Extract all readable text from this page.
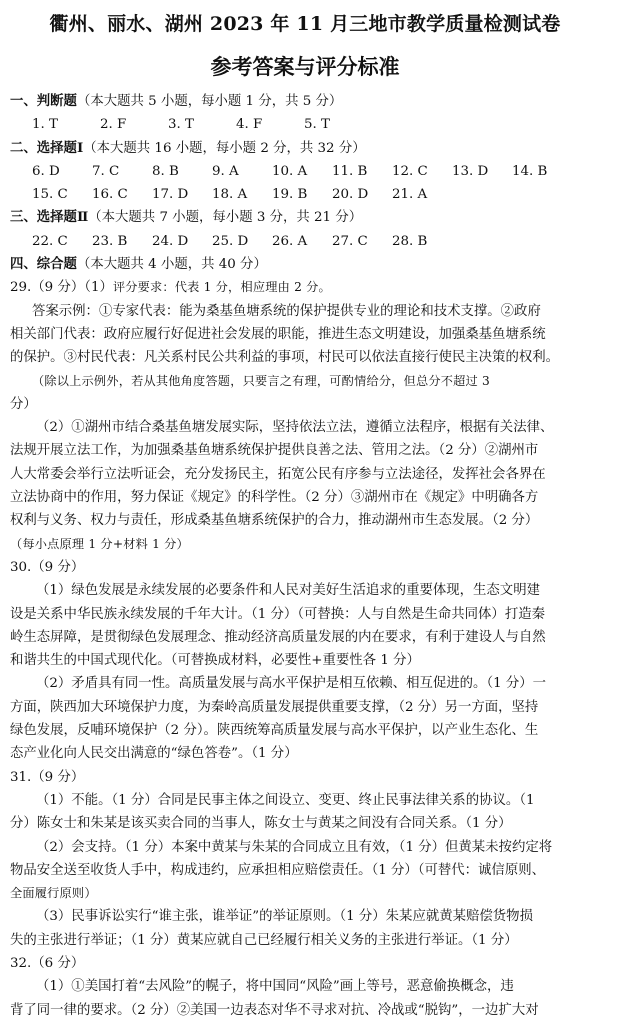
衢州、丽水、湖州 2023 年 11 月三地市教学质量检测试卷
参考答案与评分标准
一、判断题（本大题共 5 小题，每小题 1 分，共 5 分）
1. T	2. F	3. T	4. F	5. T
二、选择题Ⅰ（本大题共 16 小题，每小题 2 分，共 32 分）
6. D 7. C 8. B 9. A 10. A 11. B 12. C 13. D 14. B
15. C 16. C 17. D 18. A 19. B 20. D 21. A
三、选择题Ⅱ（本大题共 7 小题，每小题 3 分，共 21 分）
22. C 23. B 24. D 25. D 26. A 27. C 28. B
四、综合题（本大题共 4 小题，共 40 分）
29.（9 分）（1）评分要求：代表 1 分，相应理由 2 分。
答案示例：①专家代表：能为桑基鱼塘系统的保护提供专业的理论和技术支撑。②政府
相关部门代表：政府应履行好促进社会发展的职能，推进生态文明建设，加强桑基鱼塘系统
的保护。③村民代表：凡关系村民公共利益的事项，村民可以依法直接行使民主决策的权利。
（除以上示例外，若从其他角度答题，只要言之有理，可酌情给分，但总分不超过 3
分）
（2）①湖州市结合桑基鱼塘发展实际，坚持依法立法，遵循立法程序，根据有关法律、
法规开展立法工作，为加强桑基鱼塘系统保护提供良善之法、管用之法。（2 分）②湖州市
人大常委会举行立法听证会，充分发扬民主，拓宽公民有序参与立法途径，发挥社会各界在
立法协商中的作用，努力保证《规定》的科学性。（2 分）③湖州市在《规定》中明确各方
权利与义务、权力与责任，形成桑基鱼塘系统保护的合力，推动湖州市生态发展。（2 分）
（每小点原理 1 分+材料 1 分）
30.（9 分）
（1）绿色发展是永续发展的必要条件和人民对美好生活追求的重要体现，生态文明建
设是关系中华民族永续发展的千年大计。（1 分）（可替换：人与自然是生命共同体）打造秦
岭生态屏障，是贯彻绿色发展理念、推动经济高质量发展的内在要求，有利于建设人与自然
和谐共生的中国式现代化。（可替换成材料，必要性+重要性各 1 分）
（2）矛盾具有同一性。高质量发展与高水平保护是相互依赖、相互促进的。（1 分）一
方面，陕西加大环境保护力度，为秦岭高质量发展提供重要支撑，（2 分）另一方面，坚持
绿色发展，反哺环境保护（2 分）。陕西统筹高质量发展与高水平保护，以产业生态化、生
态产业化向人民交出满意的“绿色答卷”。（1 分）
31.（9 分）
（1）不能。（1 分）合同是民事主体之间设立、变更、终止民事法律关系的协议。（1
分）陈女士和朱某是该买卖合同的当事人，陈女士与黄某之间没有合同关系。（1 分）
（2）会支持。（1 分）本案中黄某与朱某的合同成立且有效，（1 分）但黄某未按约定将
物品安全送至收货人手中，构成违约，应承担相应赔偿责任。（1 分）（可替代：诚信原则、
全面履行原则）
（3）民事诉讼实行“谁主张，谁举证”的举证原则。（1 分）朱某应就黄某赔偿货物损
失的主张进行举证；（1 分）黄某应就自己已经履行相关义务的主张进行举证。（1 分）
32.（6 分）
（1）①美国打着“去风险”的幌子，将中国同“风险”画上等号，恶意偷换概念，违
背了同一律的要求。（2 分）②美国一边表态对华不寻求对抗、冷战或“脱钩”，一边扩大对
